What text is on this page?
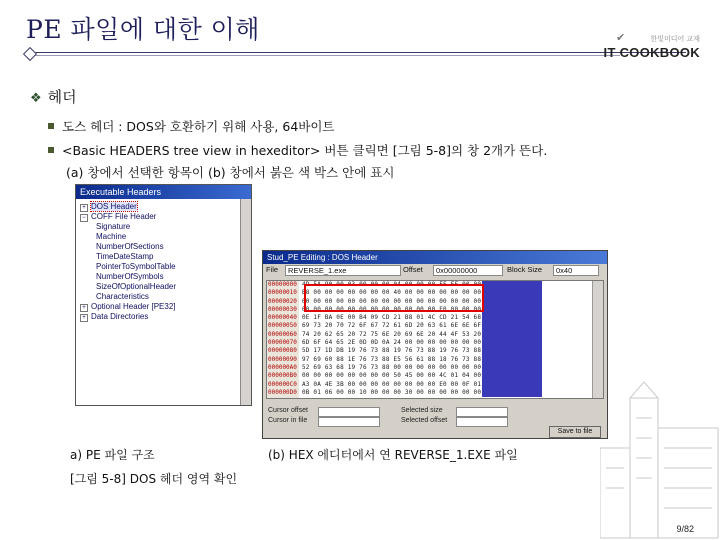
PE 파일에 대한 이해	✔	한빛미디어 교재
IT COOKBOOK
❖ 헤더
도스 헤더 : DOS와 호환하기 위해 사용, 64바이트
<Basic HEADERS tree view in hexeditor> 버튼 클릭면 [그림 5-8]의 창 2개가 뜬다.
(a) 창에서 선택한 항목이 (b) 창에서 붉은 색 박스 안에 표시
Executable Headers
+ DOS Header
− COFF File Header
Signature
Machine
NumberOfSections
TimeDateStamp
PointerToSymbolTable
NumberOfSymbols
SizeOfOptionalHeader
Characteristics
+ Optional Header [PE32]
+ Data Directories
Stud_PE Editing : DOS Header
File	REVERSE_1.exe	Offset	0x00000000	Block Size	0x40
00000000 4D 5A 90 00 03 00 00 00 04 00 00 00 FF FF 00 00

00000010 B8 00 00 00 00 00 00 00 40 00 00 00 00 00 00 00

00000020 00 00 00 00 00 00 00 00 00 00 00 00 00 00 00 00

00000030 00 00 00 00 00 00 00 00 00 00 00 00 E0 00 00 00

00000040 0E 1F BA 0E 00 B4 09 CD 21 B8 01 4C CD 21 54 68

00000050 69 73 20 70 72 6F 67 72 61 6D 20 63 61 6E 6E 6F

00000060 74 20 62 65 20 72 75 6E 20 69 6E 20 44 4F 53 20

00000070 6D 6F 64 65 2E 0D 0D 0A 24 00 00 00 00 00 00 00

00000080 5D 17 1D DB 19 76 73 88 19 76 73 88 19 76 73 88

00000090 97 69 60 88 1E 76 73 88 E5 56 61 88 18 76 73 88

000000A0 52 69 63 68 19 76 73 88 00 00 00 00 00 00 00 00

000000B0 00 00 00 00 00 00 00 00 50 45 00 00 4C 01 04 00

000000C0 A3 0A 4E 3B 00 00 00 00 00 00 00 00 E0 00 0F 01

000000D0 0B 01 06 00 00 10 00 00 00 30 00 00 00 00 00 00

Cursor offset
Cursor in file
Selected size
Selected offset
Save to file
a) PE 파일 구조	(b) HEX 에디터에서 연 REVERSE_1.EXE 파일
[그림 5-8] DOS 헤더 영역 확인
9/82
